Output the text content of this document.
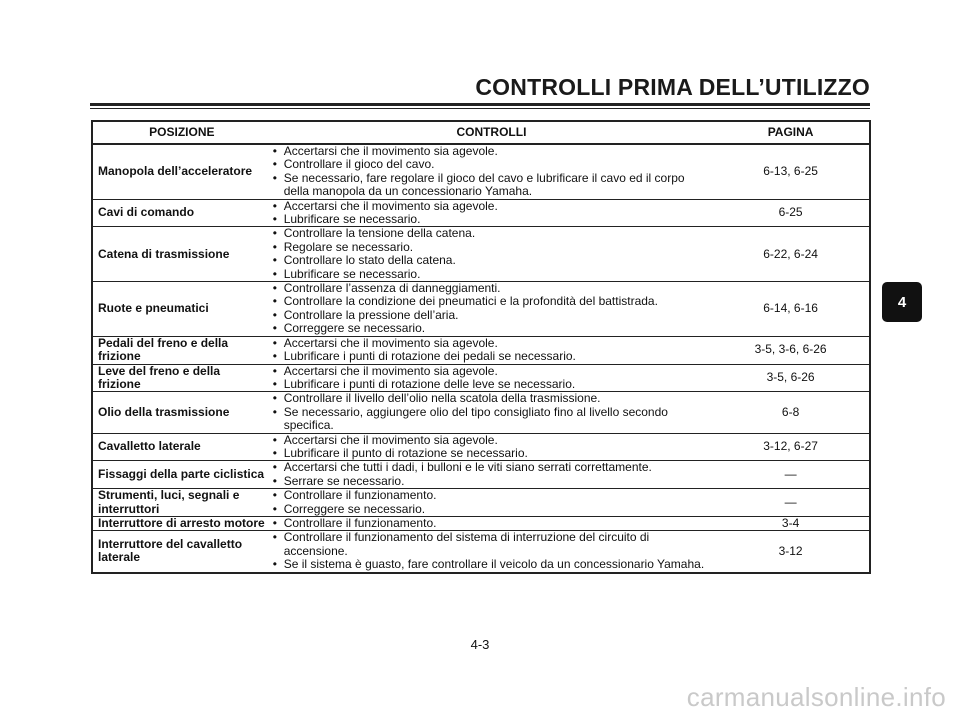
CONTROLLI PRIMA DELL’UTILIZZO
POSIZIONE	CONTROLLI	PAGINA
Manopola dell’acceleratore	• Accertarsi che il movimento sia agevole.
• Controllare il gioco del cavo.
• Se necessario, fare regolare il gioco del cavo e lubrificare il cavo ed il corpo della manopola da un concessionario Yamaha.	6-13, 6-25
Cavi di comando	• Accertarsi che il movimento sia agevole.
• Lubrificare se necessario.	6-25
Catena di trasmissione	• Controllare la tensione della catena.
• Regolare se necessario.
• Controllare lo stato della catena.
• Lubrificare se necessario.	6-22, 6-24
Ruote e pneumatici	• Controllare l’assenza di danneggiamenti.
• Controllare la condizione dei pneumatici e la profondità del battistrada.
• Controllare la pressione dell’aria.
• Correggere se necessario.	6-14, 6-16
Pedali del freno e della frizione	• Accertarsi che il movimento sia agevole.
• Lubrificare i punti di rotazione dei pedali se necessario.	3-5, 3-6, 6-26
Leve del freno e della frizione	• Accertarsi che il movimento sia agevole.
• Lubrificare i punti di rotazione delle leve se necessario.	3-5, 6-26
Olio della trasmissione	• Controllare il livello dell’olio nella scatola della trasmissione.
• Se necessario, aggiungere olio del tipo consigliato fino al livello secondo specifica.	6-8
Cavalletto laterale	• Accertarsi che il movimento sia agevole.
• Lubrificare il punto di rotazione se necessario.	3-12, 6-27
Fissaggi della parte ciclistica	• Accertarsi che tutti i dadi, i bulloni e le viti siano serrati correttamente.
• Serrare se necessario.	—
Strumenti, luci, segnali e interruttori	• Controllare il funzionamento.
• Correggere se necessario.	—
Interruttore di arresto motore	• Controllare il funzionamento.	3-4
Interruttore del cavalletto laterale	• Controllare il funzionamento del sistema di interruzione del circuito di accensione.
• Se il sistema è guasto, fare controllare il veicolo da un concessionario Yamaha.	3-12
4
4-3
carmanualsonline.info
